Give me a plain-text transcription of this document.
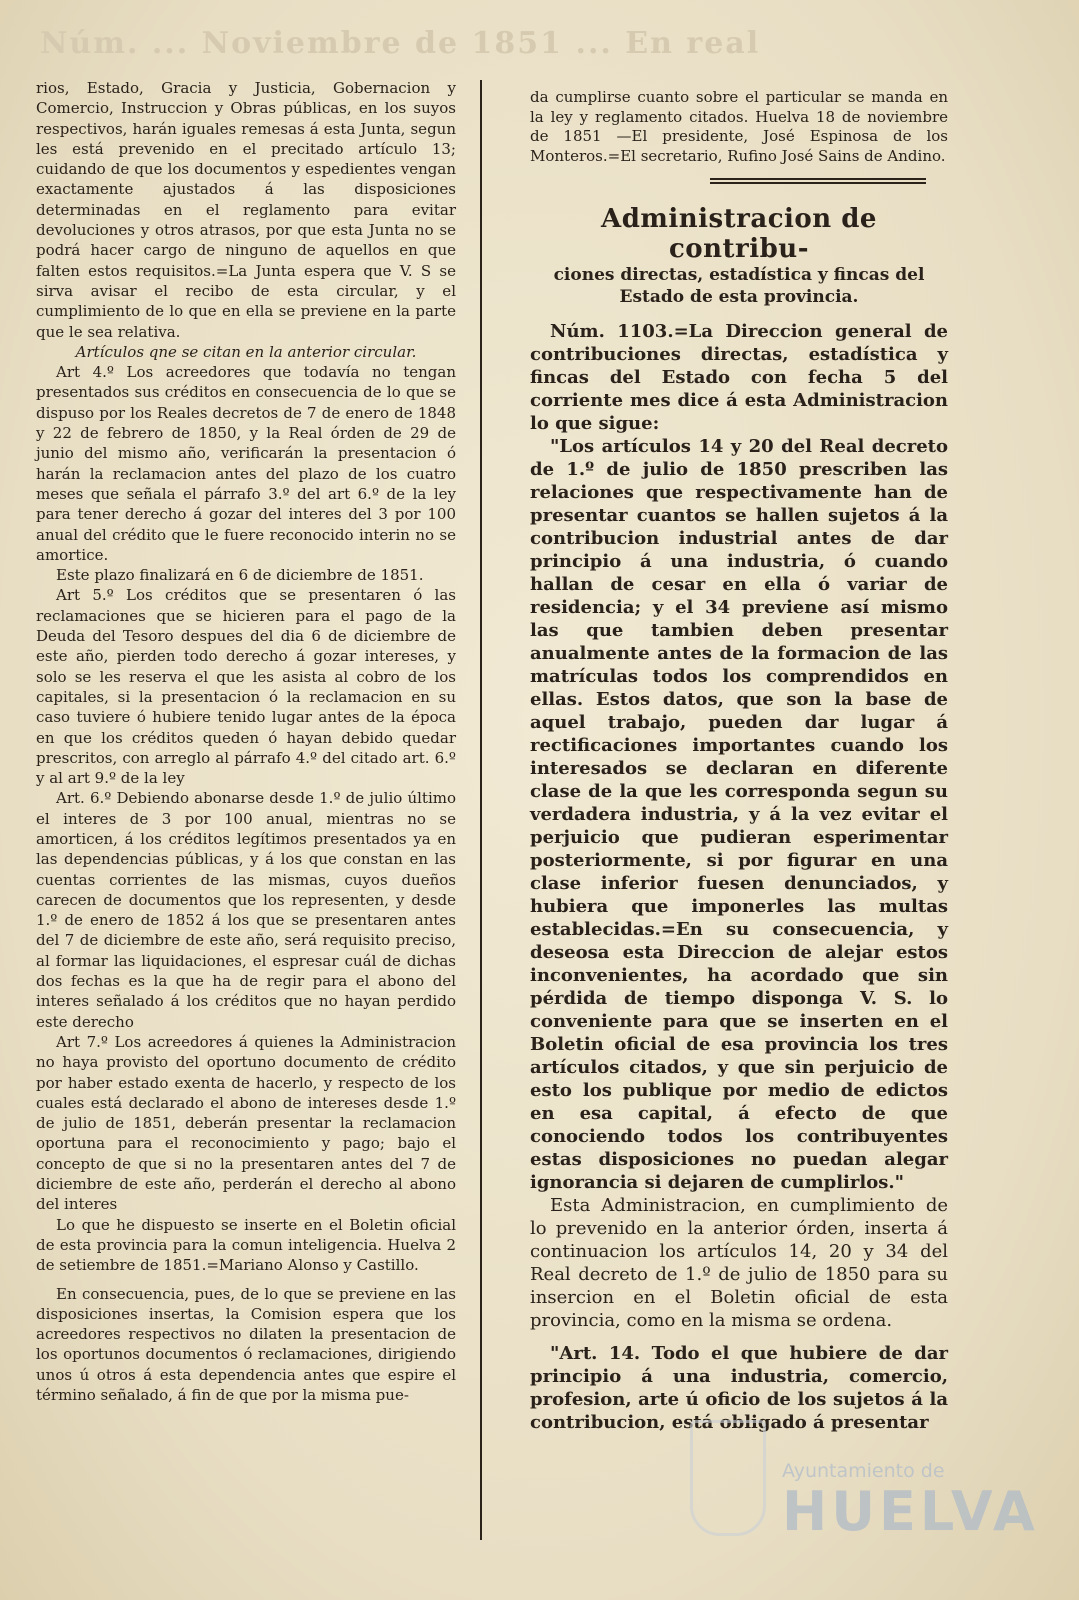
Núm. ... Noviembre de 1851 ... En real

rios, Estado, Gracia y Justicia, Gobernacion y Comercio, Instruccion y Obras públicas, en los suyos respectivos, harán iguales remesas á esta Junta, segun les está prevenido en el precitado artículo 13; cuidando de que los documentos y espedientes vengan exactamente ajustados á las disposiciones determinadas en el reglamento para evitar devoluciones y otros atrasos, por que esta Junta no se podrá hacer cargo de ninguno de aquellos en que falten estos requisitos.=La Junta espera que V. S se sirva avisar el recibo de esta circular, y el cumplimiento de lo que en ella se previene en la parte que le sea relativa.

Artículos qne se citan en la anterior circular.

Art 4.º Los acreedores que todavía no tengan presentados sus créditos en consecuencia de lo que se dispuso por los Reales decretos de 7 de enero de 1848 y 22 de febrero de 1850, y la Real órden de 29 de junio del mismo año, verificarán la presentacion ó harán la reclamacion antes del plazo de los cuatro meses que señala el párrafo 3.º del art 6.º de la ley para tener derecho á gozar del interes del 3 por 100 anual del crédito que le fuere reconocido interin no se amortice.

Este plazo finalizará en 6 de diciembre de 1851.

Art 5.º Los créditos que se presentaren ó las reclamaciones que se hicieren para el pago de la Deuda del Tesoro despues del dia 6 de diciembre de este año, pierden todo derecho á gozar intereses, y solo se les reserva el que les asista al cobro de los capitales, si la presentacion ó la reclamacion en su caso tuviere ó hubiere tenido lugar antes de la época en que los créditos queden ó hayan debido quedar prescritos, con arreglo al párrafo 4.º del citado art. 6.º y al art 9.º de la ley

Art. 6.º Debiendo abonarse desde 1.º de julio último el interes de 3 por 100 anual, mientras no se amorticen, á los créditos legítimos presentados ya en las dependencias públicas, y á los que constan en las cuentas corrientes de las mismas, cuyos dueños carecen de documentos que los representen, y desde 1.º de enero de 1852 á los que se presentaren antes del 7 de diciembre de este año, será requisito preciso, al formar las liquidaciones, el espresar cuál de dichas dos fechas es la que ha de regir para el abono del interes señalado á los créditos que no hayan perdido este derecho

Art 7.º Los acreedores á quienes la Administracion no haya provisto del oportuno documento de crédito por haber estado exenta de hacerlo, y respecto de los cuales está declarado el abono de intereses desde 1.º de julio de 1851, deberán presentar la reclamacion oportuna para el reconocimiento y pago; bajo el concepto de que si no la presentaren antes del 7 de diciembre de este año, perderán el derecho al abono del interes

Lo que he dispuesto se inserte en el Boletin oficial de esta provincia para la comun inteligencia. Huelva 2 de setiembre de 1851.=Mariano Alonso y Castillo.

En consecuencia, pues, de lo que se previene en las disposiciones insertas, la Comision espera que los acreedores respectivos no dilaten la presentacion de los oportunos documentos ó reclamaciones, dirigiendo unos ú otros á esta dependencia antes que espire el término señalado, á fin de que por la misma pue-

da cumplirse cuanto sobre el particular se manda en la ley y reglamento citados. Huelva 18 de noviembre de 1851 —El presidente, José Espinosa de los Monteros.=El secretario, Rufino José Sains de Andino.

Administracion de contribu-
ciones directas, estadística y fincas del Estado de esta provincia.

Núm. 1103.=La Direccion general de contribuciones directas, estadística y fincas del Estado con fecha 5 del corriente mes dice á esta Administracion lo que sigue:

"Los artículos 14 y 20 del Real decreto de 1.º de julio de 1850 prescriben las relaciones que respectivamente han de presentar cuantos se hallen sujetos á la contribucion industrial antes de dar principio á una industria, ó cuando hallan de cesar en ella ó variar de residencia; y el 34 previene así mismo las que tambien deben presentar anualmente antes de la formacion de las matrículas todos los comprendidos en ellas. Estos datos, que son la base de aquel trabajo, pueden dar lugar á rectificaciones importantes cuando los interesados se declaran en diferente clase de la que les corresponda segun su verdadera industria, y á la vez evitar el perjuicio que pudieran esperimentar posteriormente, si por figurar en una clase inferior fuesen denunciados, y hubiera que imponerles las multas establecidas.=En su consecuencia, y deseosa esta Direccion de alejar estos inconvenientes, ha acordado que sin pérdida de tiempo disponga V. S. lo conveniente para que se inserten en el Boletin oficial de esa provincia los tres artículos citados, y que sin perjuicio de esto los publique por medio de edictos en esa capital, á efecto de que conociendo todos los contribuyentes estas disposiciones no puedan alegar ignorancia si dejaren de cumplirlos."

Esta Administracion, en cumplimiento de lo prevenido en la anterior órden, inserta á continuacion los artículos 14, 20 y 34 del Real decreto de 1.º de julio de 1850 para su insercion en el Boletin oficial de esta provincia, como en la misma se ordena.

"Art. 14. Todo el que hubiere de dar principio á una industria, comercio, profesion, arte ú oficio de los sujetos á la contribucion, está obligado á presentar

Ayuntamiento de
HUELVA
